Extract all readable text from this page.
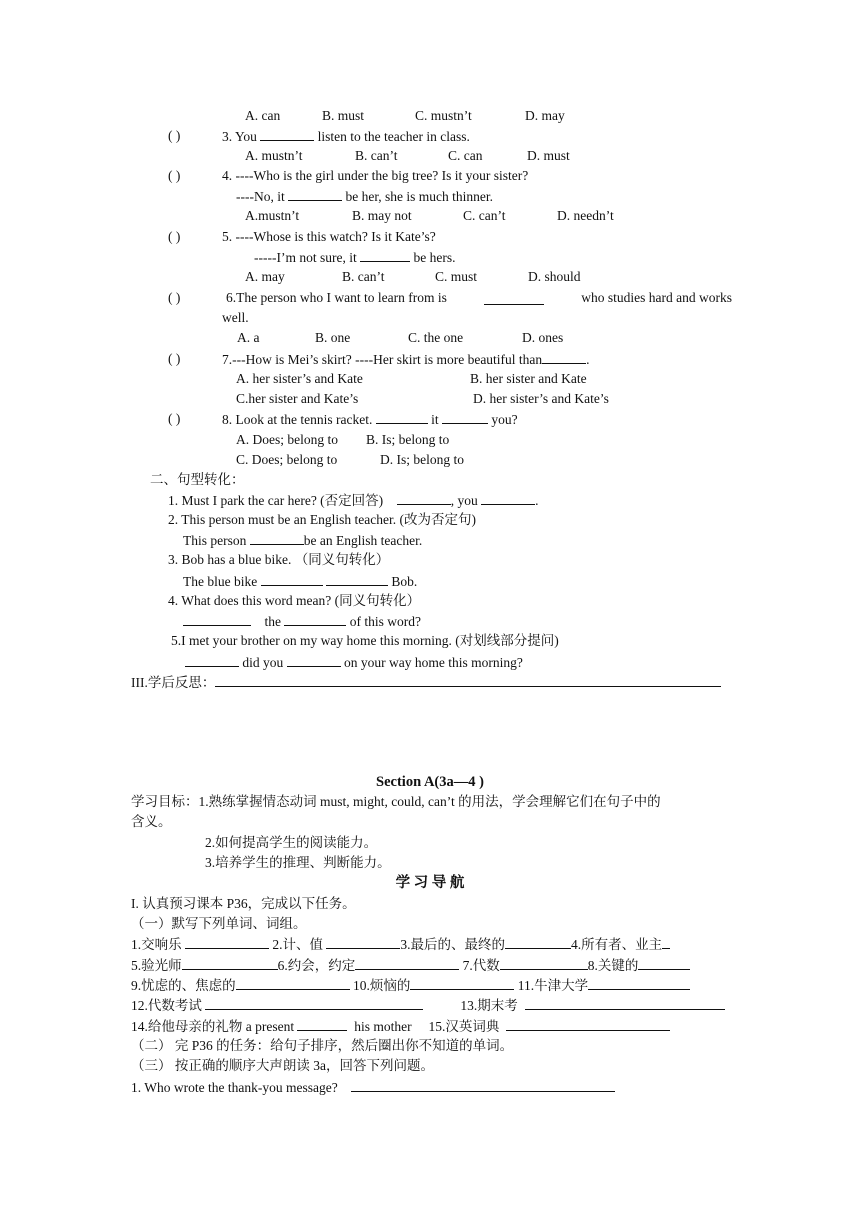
A. can	B. must	C. mustn’t	D. may
( )	3. You	listen to the teacher in class.
A. mustn’t	B. can’t	C. can	D. must
( )	4. ----Who is the girl under the big tree? Is it your sister?
----No, it	be her, she is much thinner.
A.mustn’t	B. may not	C. can’t	D. needn’t
( )	5. ----Whose is this watch? Is it Kate’s?
-----I’m not sure, it	be hers.
A. may	B. can’t	C. must	D. should
( )	6.The person who I want to learn from is	who studies hard and works
well.
A. a	B. one	C. the one	D. ones
( )	7.---How is Mei’s skirt? ----Her skirt is more beautiful than	.
A. her sister’s and Kate	B. her sister and Kate
C.her sister and Kate’s	D. her sister’s and Kate’s
( )	8. Look at the tennis racket.	it	you?
A. Does; belong to B. Is; belong to
C. Does; belong to	D. Is; belong to
二、句型转化：
1. Must I park the car here? (否定回答)	, you	.
2. This person must be an English teacher. (改为否定句)
This person	be an English teacher.
3. Bob has a blue bike. （同义句转化）
The blue bike	Bob.
4. What does this word mean? (同义句转化）
the	of this word?
5.I met your brother on my way home this morning. (对划线部分提问)
did you	on your way home this morning?
III.学后反思：
Section A(3a—4 )
学习目标：1.熟练掌握情态动词 must, might, could, can’t 的用法，学会理解它们在句子中的
含义。
2.如何提高学生的阅读能力。
3.培养学生的推理、判断能力。
学 习 导 航
I. 认真预习课本 P36，完成以下任务。
（一）默写下列单词、词组。
1.交响乐	2.计、值	3.最后的、最终的	4.所有者、业主
5.验光师	6.约会，约定	7.代数	8.关键的
9.忧虑的、焦虑的	10.烦恼的	11.牛津大学
12.代数考试	13.期末考
14.给他母亲的礼物 a present	his mother 15.汉英词典
（二） 完 P36 的任务：给句子排序，然后圈出你不知道的单词。
（三） 按正确的顺序大声朗读 3a，回答下列问题。
1. Who wrote the thank-you message?
